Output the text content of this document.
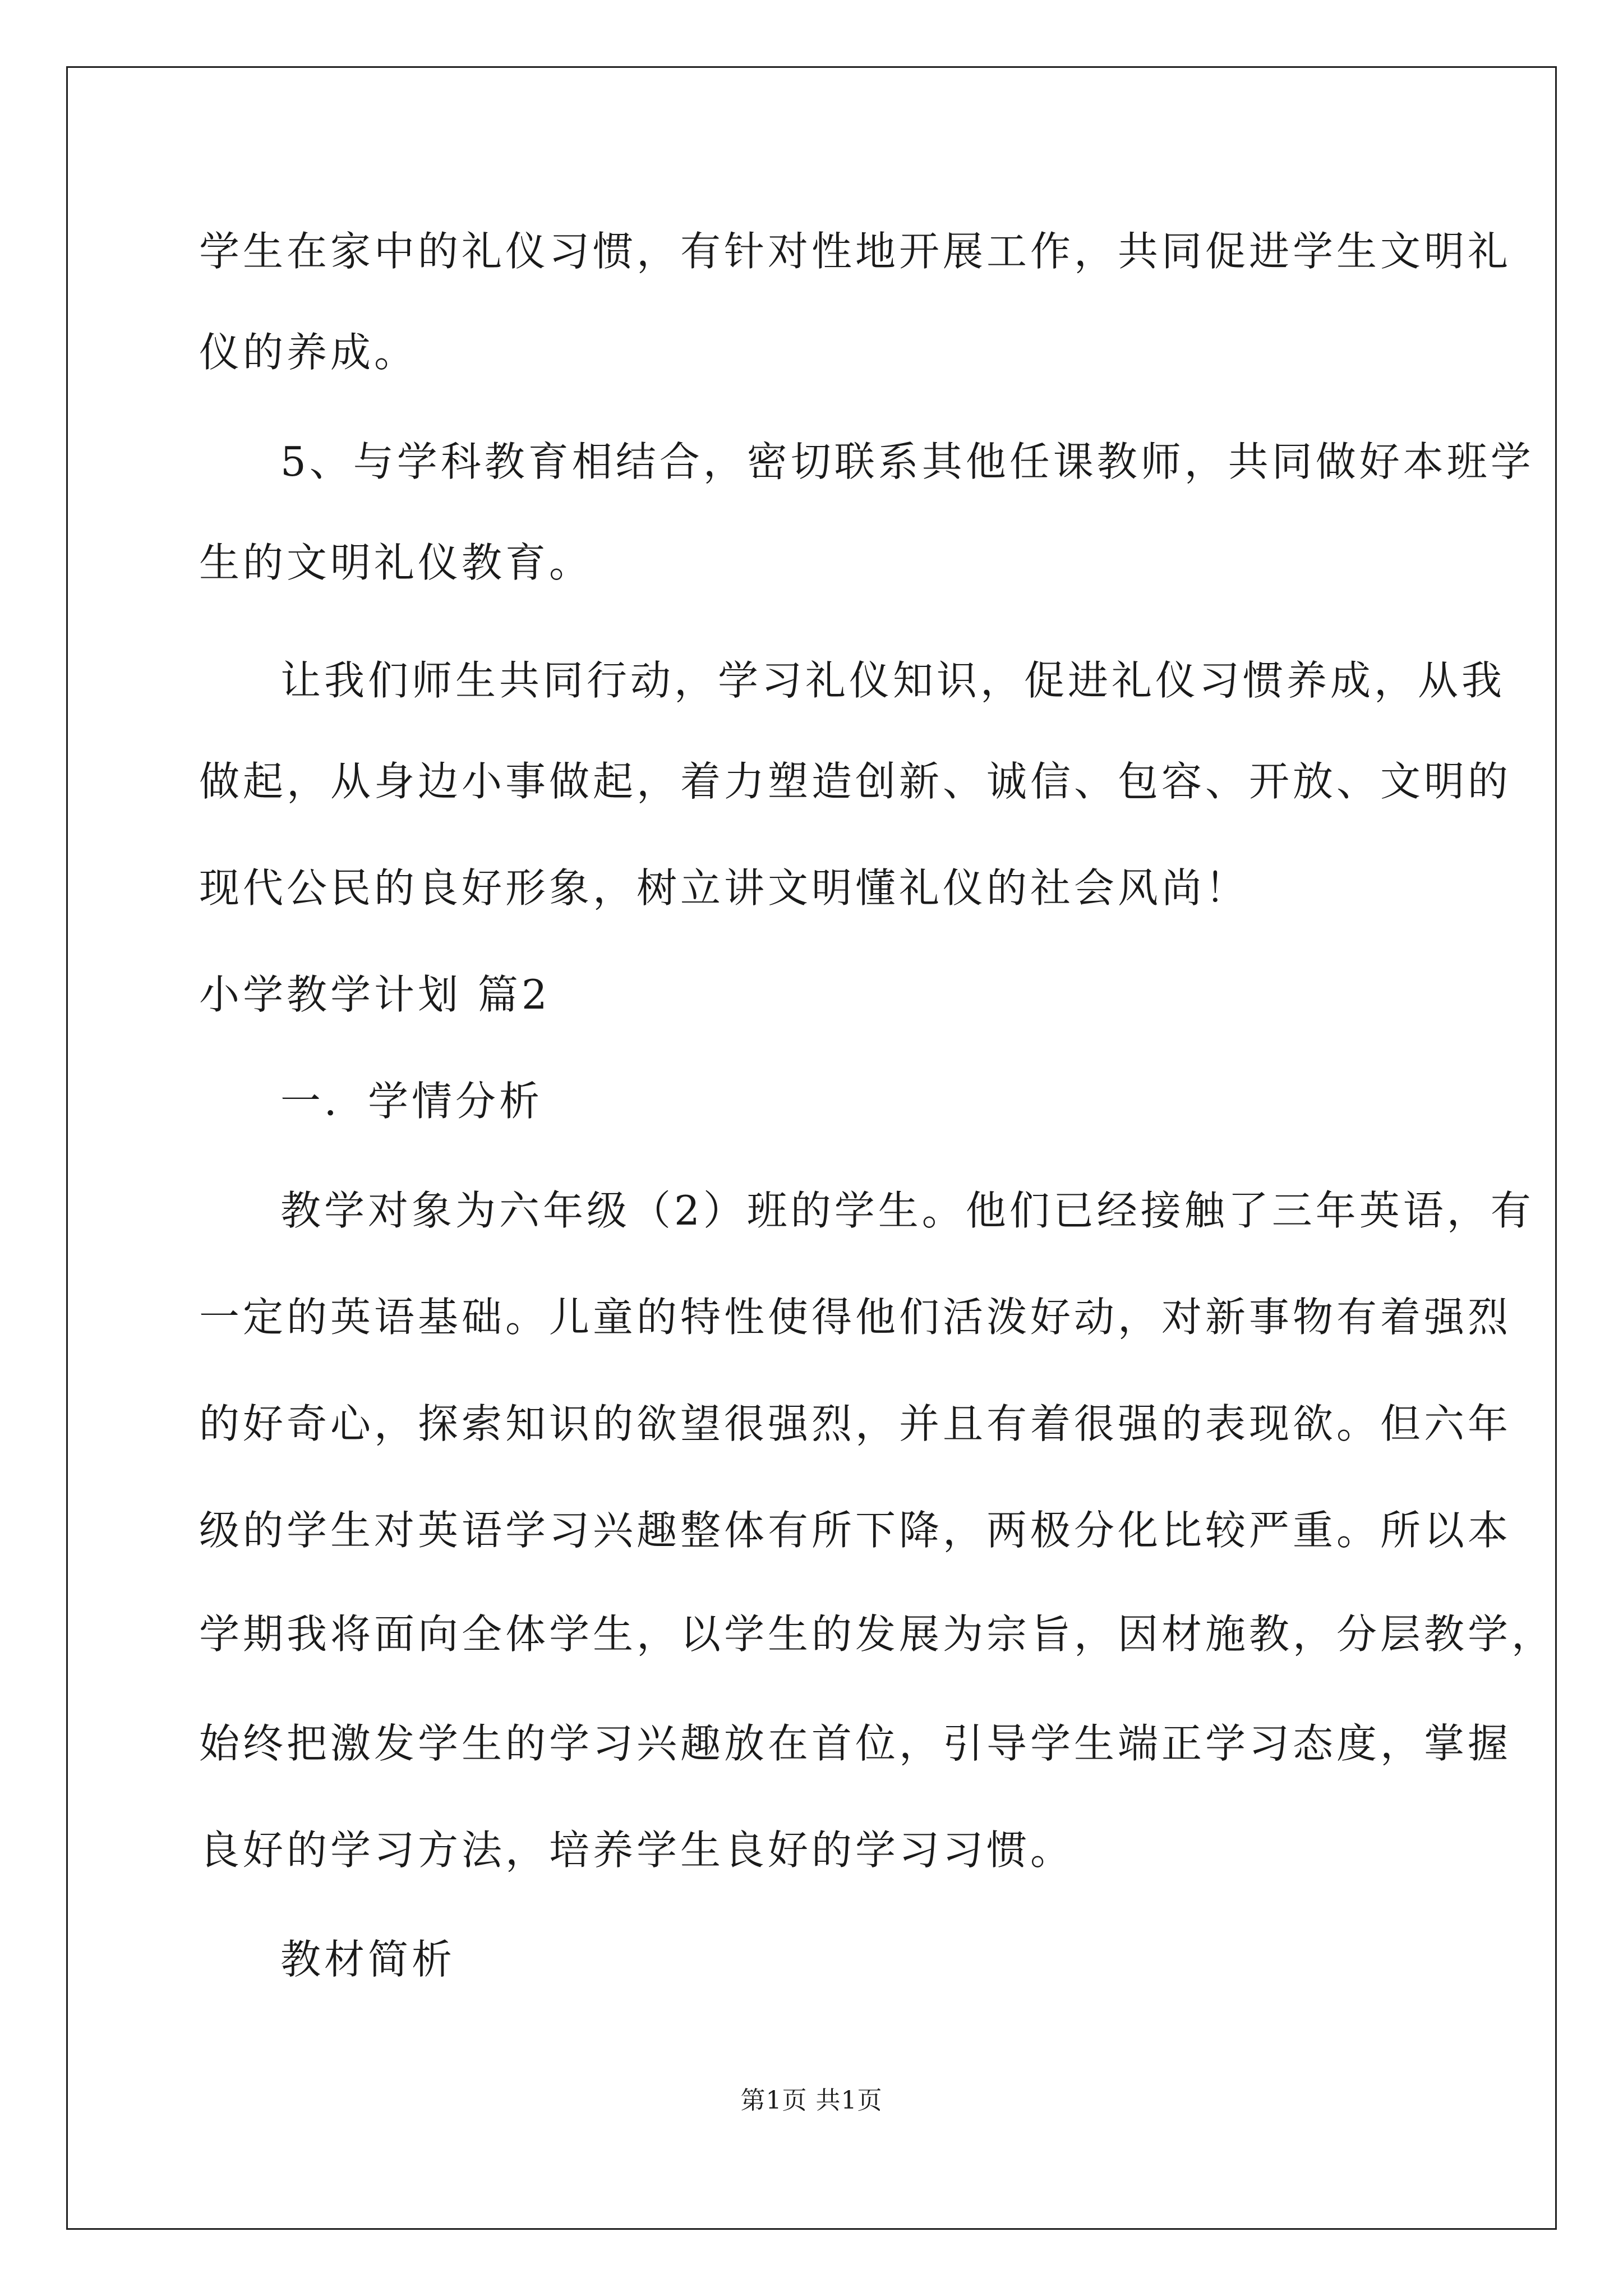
学生在家中的礼仪习惯，有针对性地开展工作，共同促进学生文明礼
仪的养成。
5、与学科教育相结合，密切联系其他任课教师，共同做好本班学
生的文明礼仪教育。
让我们师生共同行动，学习礼仪知识，促进礼仪习惯养成，从我
做起，从身边小事做起，着力塑造创新、诚信、包容、开放、文明的
现代公民的良好形象，树立讲文明懂礼仪的社会风尚！
小学教学计划 篇2
一．学情分析
教学对象为六年级（2）班的学生。他们已经接触了三年英语，有
一定的英语基础。儿童的特性使得他们活泼好动，对新事物有着强烈
的好奇心，探索知识的欲望很强烈，并且有着很强的表现欲。但六年
级的学生对英语学习兴趣整体有所下降，两极分化比较严重。所以本
学期我将面向全体学生，以学生的发展为宗旨，因材施教，分层教学，
始终把激发学生的学习兴趣放在首位，引导学生端正学习态度，掌握
良好的学习方法，培养学生良好的学习习惯。
教材简析
第1页 共1页
